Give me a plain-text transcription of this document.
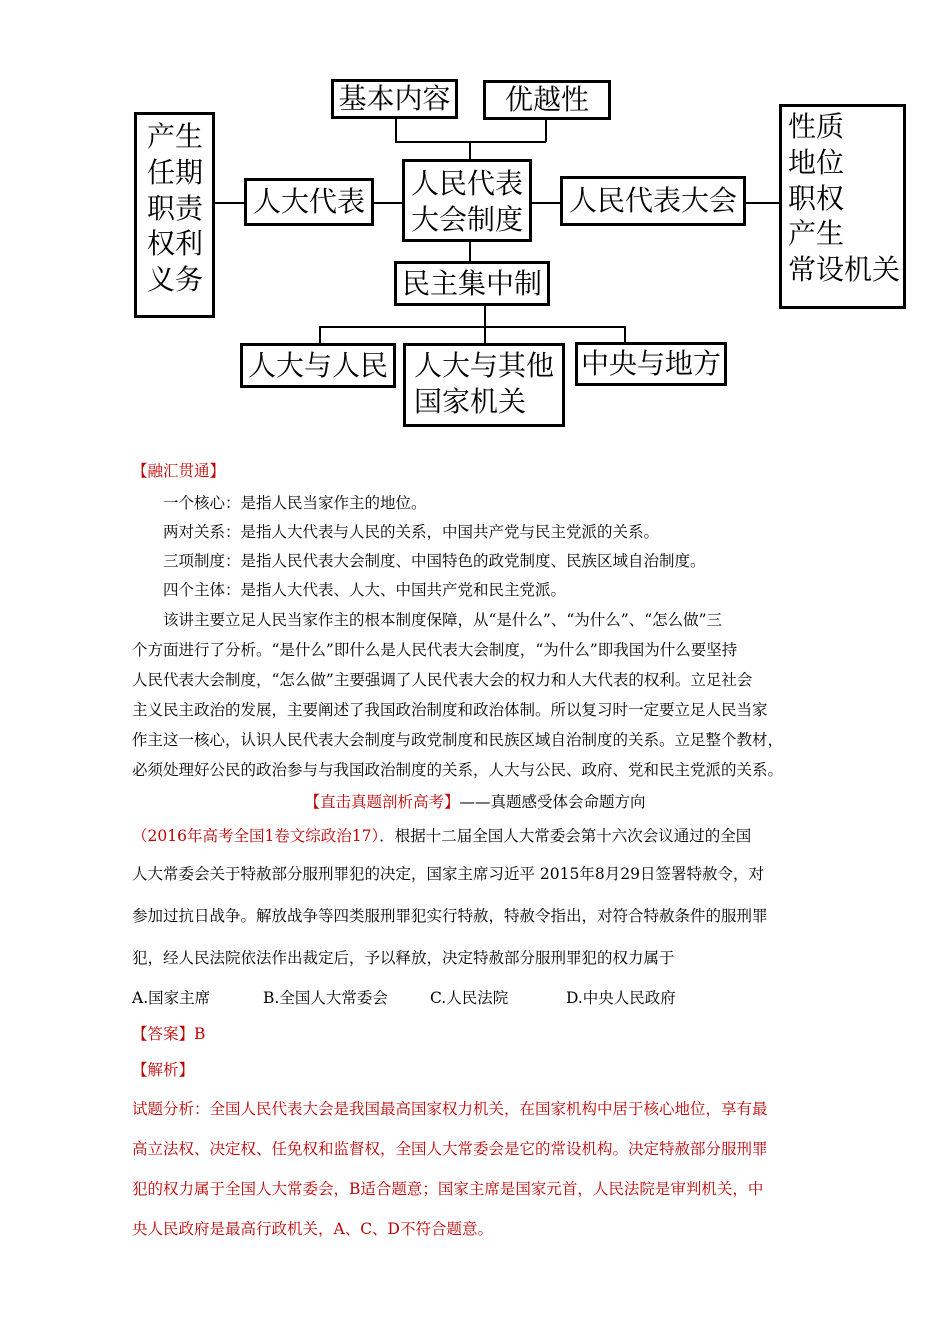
基本内容	优越性
产生
任期
职责
权利
义务
人大代表
人民代表
大会制度
人民代表大会
性质
地位
职权
产生
常设机关
民主集中制
人大与人民 人大与其他
国家机关
中央与地方

【融汇贯通】

一个核心：是指人民当家作主的地位。

两对关系：是指人大代表与人民的关系，中国共产党与民主党派的关系。

三项制度：是指人民代表大会制度、中国特色的政党制度、民族区域自治制度。

四个主体：是指人大代表、人大、中国共产党和民主党派。

该讲主要立足人民当家作主的根本制度保障，从“是什么”、“为什么”、“怎么做”三

个方面进行了分析。“是什么”即什么是人民代表大会制度，“为什么”即我国为什么要坚持

人民代表大会制度，“怎么做”主要强调了人民代表大会的权力和人大代表的权利。立足社会

主义民主政治的发展，主要阐述了我国政治制度和政治体制。所以复习时一定要立足人民当家

作主这一核心，认识人民代表大会制度与政党制度和民族区域自治制度的关系。立足整个教材，

必须处理好公民的政治参与与我国政治制度的关系，人大与公民、政府、党和民主党派的关系。

【直击真题剖析高考】——真题感受体会命题方向

（2016年高考全国1卷文综政治17）．根据十二届全国人大常委会第十六次会议通过的全国

人大常委会关于特赦部分服刑罪犯的决定，国家主席习近平 2015年8月29日签署特赦令，对

参加过抗日战争。解放战争等四类服刑罪犯实行特赦，特赦令指出，对符合特赦条件的服刑罪

犯，经人民法院依法作出裁定后，予以释放，决定特赦部分服刑罪犯的权力属于

A.国家主席	B.全国人大常委会	C.人民法院	D.中央人民政府

【答案】B

【解析】

试题分析：全国人民代表大会是我国最高国家权力机关，在国家机构中居于核心地位，享有最

高立法权、决定权、任免权和监督权，全国人大常委会是它的常设机构。决定特赦部分服刑罪

犯的权力属于全国人大常委会，B适合题意；国家主席是国家元首，人民法院是审判机关，中

央人民政府是最高行政机关，A、C、D不符合题意。
